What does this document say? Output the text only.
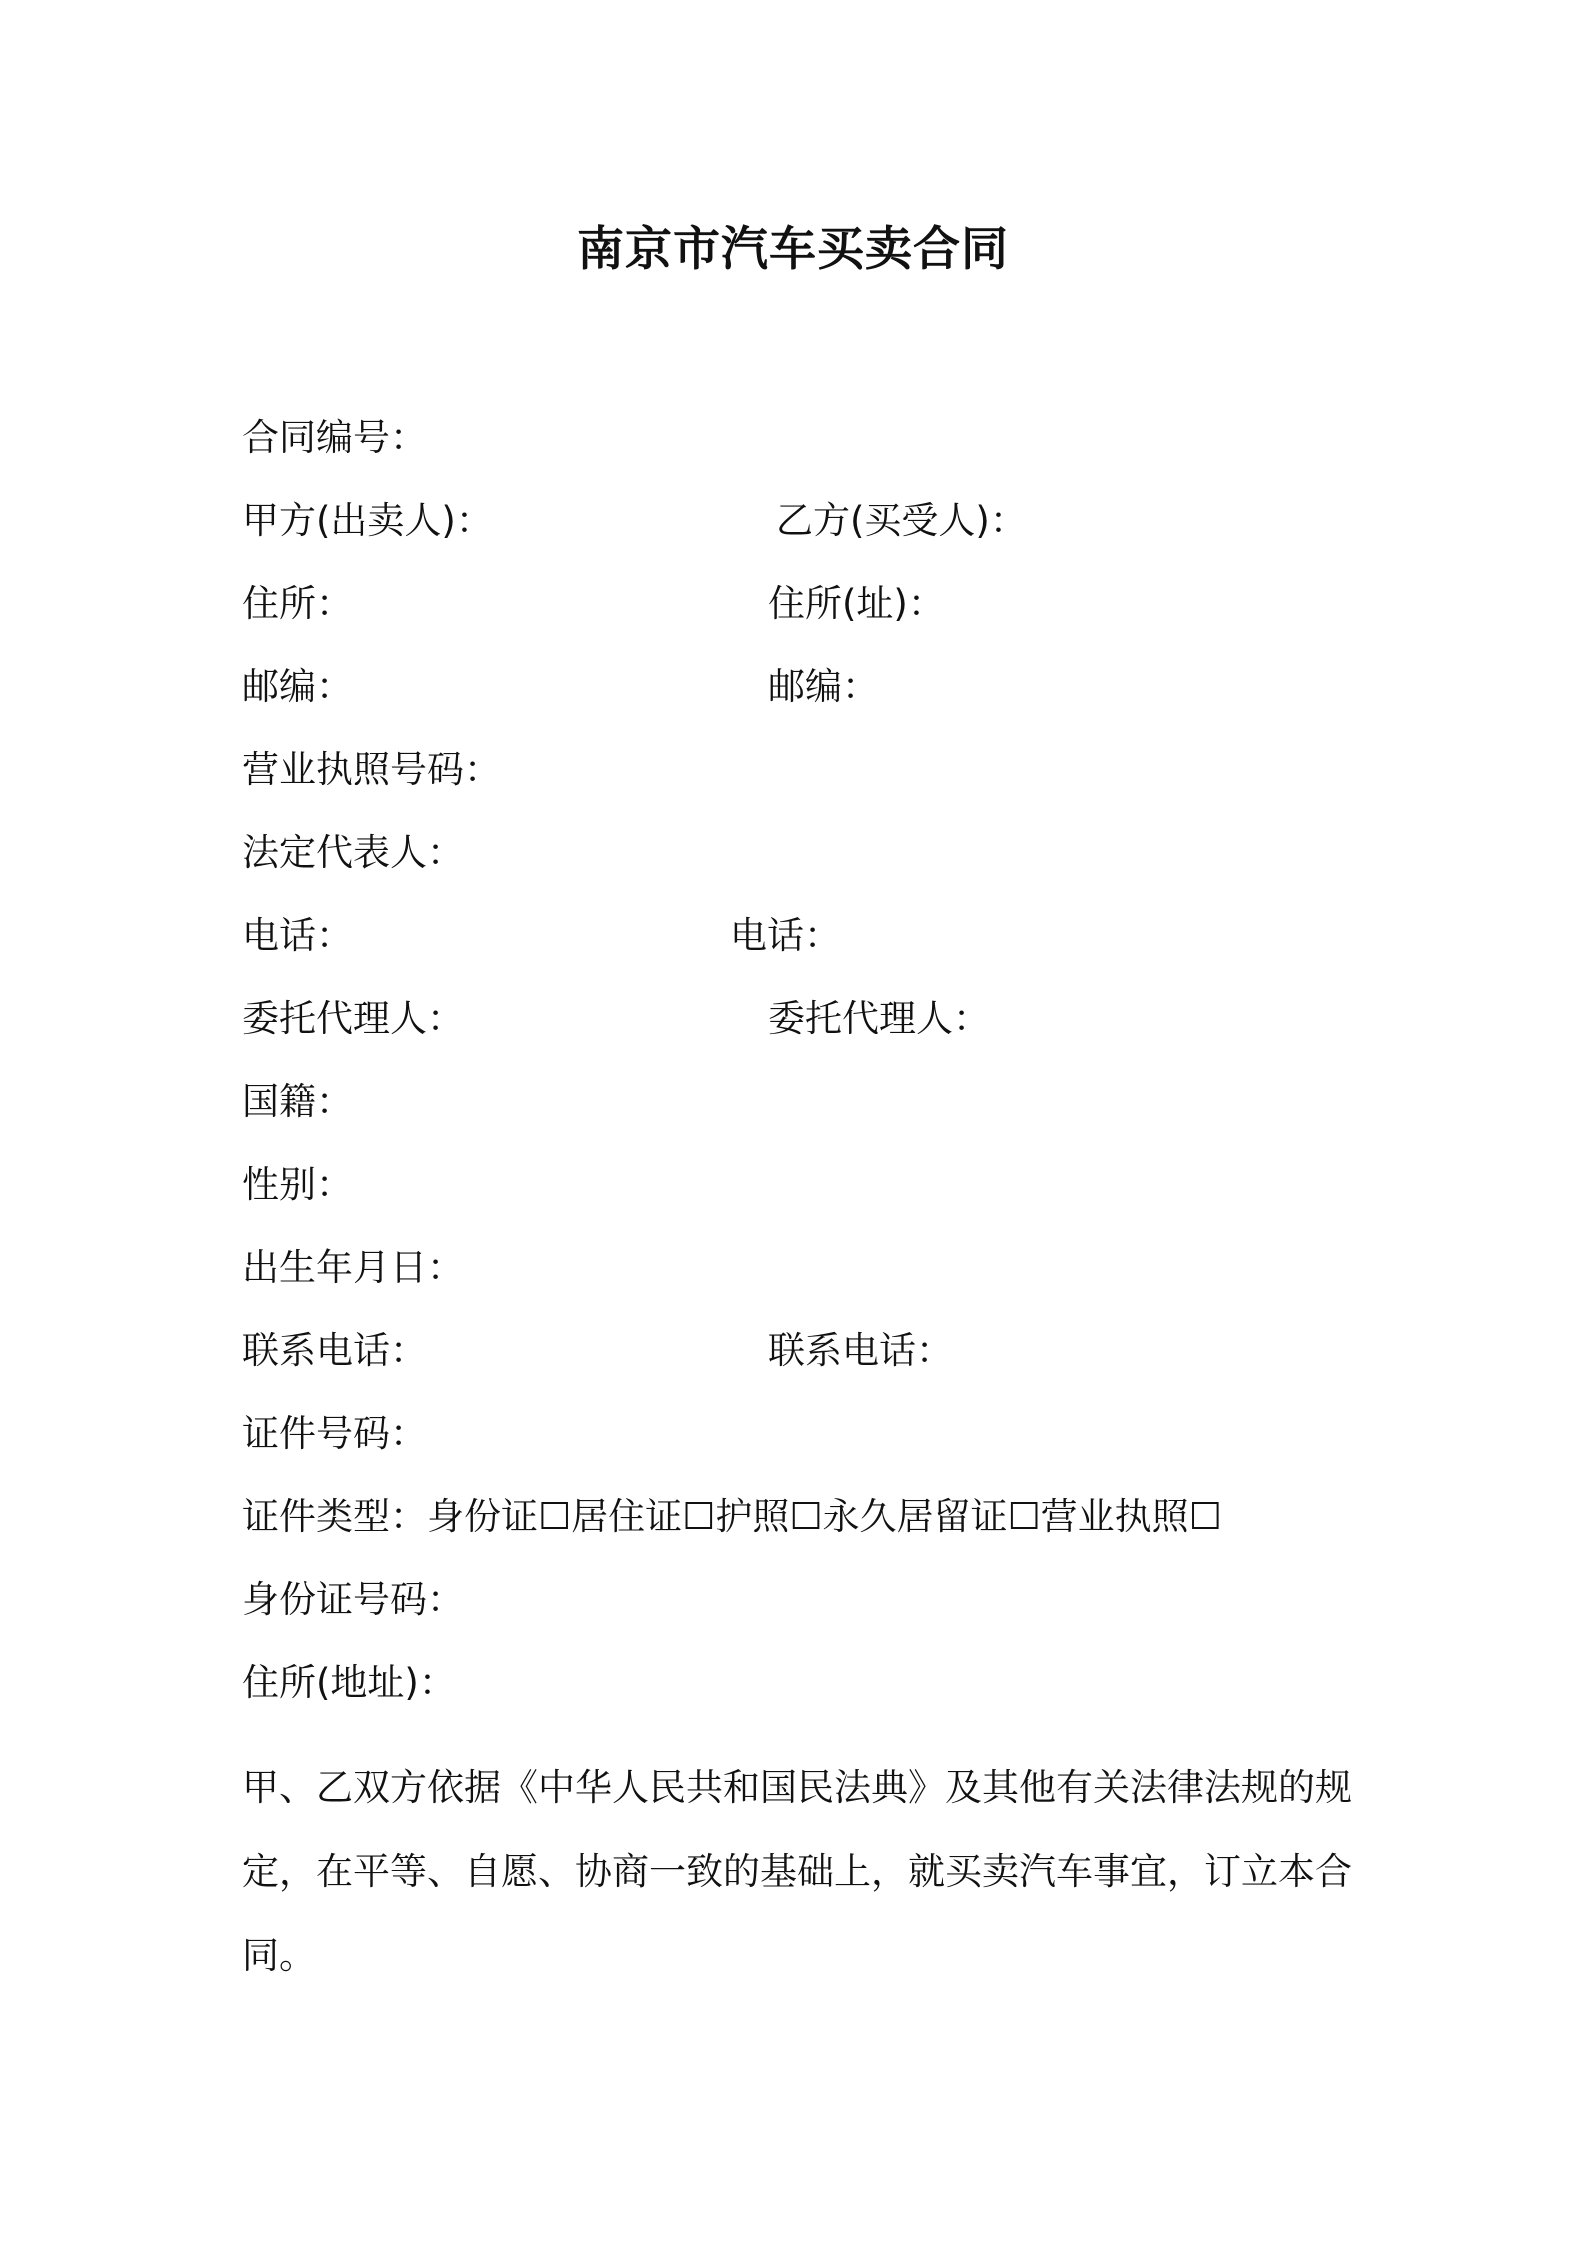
南京市汽车买卖合同
合同编号：
甲方(出卖人)：	乙方(买受人)：
住所：	住所(址)：
邮编：	邮编：
营业执照号码：
法定代表人：
电话：	电话：
委托代理人：	委托代理人：
国籍：
性别：
出生年月日：
联系电话：	联系电话：
证件号码：
证件类型：身份证☐居住证☐护照☐永久居留证☐营业执照☐
身份证号码：
住所(地址)：
甲、乙双方依据《中华人民共和国民法典》及其他有关法律法规的规定，在平等、自愿、协商一致的基础上，就买卖汽车事宜，订立本合同。
